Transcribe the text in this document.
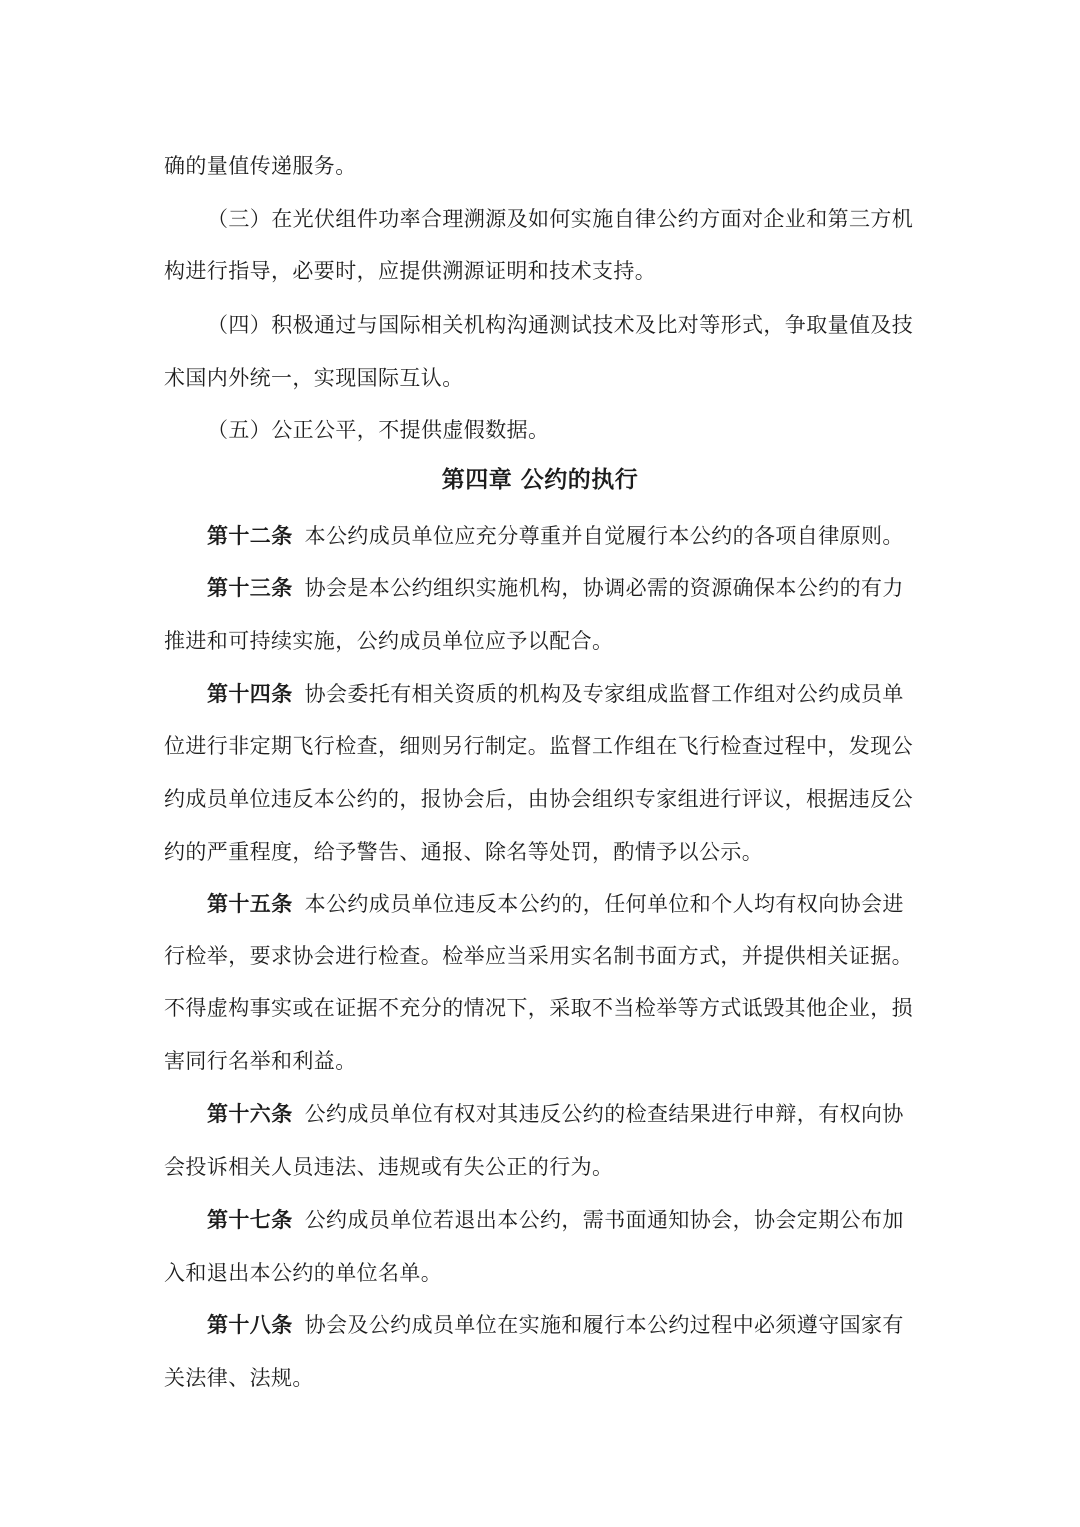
确的量值传递服务。
（三）在光伏组件功率合理溯源及如何实施自律公约方面对企业和第三方机
构进行指导，必要时，应提供溯源证明和技术支持。
（四）积极通过与国际相关机构沟通测试技术及比对等形式，争取量值及技
术国内外统一，实现国际互认。
（五）公正公平，不提供虚假数据。
第四章 公约的执行
第十二条 本公约成员单位应充分尊重并自觉履行本公约的各项自律原则。
第十三条 协会是本公约组织实施机构，协调必需的资源确保本公约的有力
推进和可持续实施，公约成员单位应予以配合。
第十四条 协会委托有相关资质的机构及专家组成监督工作组对公约成员单
位进行非定期飞行检查，细则另行制定。监督工作组在飞行检查过程中，发现公
约成员单位违反本公约的，报协会后，由协会组织专家组进行评议，根据违反公
约的严重程度，给予警告、通报、除名等处罚，酌情予以公示。
第十五条 本公约成员单位违反本公约的，任何单位和个人均有权向协会进
行检举，要求协会进行检查。检举应当采用实名制书面方式，并提供相关证据。
不得虚构事实或在证据不充分的情况下，采取不当检举等方式诋毁其他企业，损
害同行名举和利益。
第十六条 公约成员单位有权对其违反公约的检查结果进行申辩，有权向协
会投诉相关人员违法、违规或有失公正的行为。
第十七条 公约成员单位若退出本公约，需书面通知协会，协会定期公布加
入和退出本公约的单位名单。
第十八条 协会及公约成员单位在实施和履行本公约过程中必须遵守国家有
关法律、法规。
